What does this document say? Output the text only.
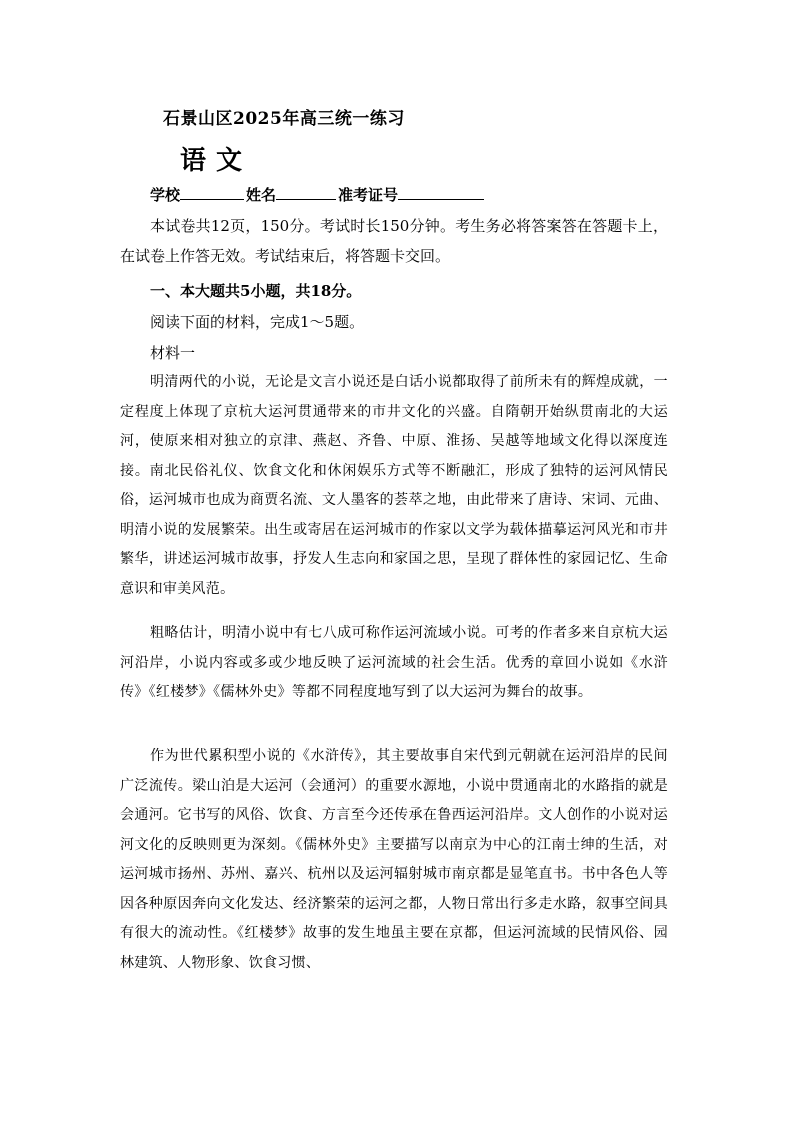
石景山区2025年高三统一练习
语文
学校	姓名	准考证号
本试卷共12页，150分。考试时长150分钟。考生务必将答案答在答题卡上，在试卷上作答无效。考试结束后，将答题卡交回。
一、本大题共5小题，共18分。
阅读下面的材料，完成1～5题。
材料一
明清两代的小说，无论是文言小说还是白话小说都取得了前所未有的辉煌成就，一定程度上体现了京杭大运河贯通带来的市井文化的兴盛。自隋朝开始纵贯南北的大运河，使原来相对独立的京津、燕赵、齐鲁、中原、淮扬、吴越等地域文化得以深度连接。南北民俗礼仪、饮食文化和休闲娱乐方式等不断融汇，形成了独特的运河风情民俗，运河城市也成为商贾名流、文人墨客的荟萃之地，由此带来了唐诗、宋词、元曲、明清小说的发展繁荣。出生或寄居在运河城市的作家以文学为载体描摹运河风光和市井繁华，讲述运河城市故事，抒发人生志向和家国之思，呈现了群体性的家园记忆、生命意识和审美风范。
粗略估计，明清小说中有七八成可称作运河流域小说。可考的作者多来自京杭大运河沿岸，小说内容或多或少地反映了运河流域的社会生活。优秀的章回小说如《水浒传》《红楼梦》《儒林外史》等都不同程度地写到了以大运河为舞台的故事。
作为世代累积型小说的《水浒传》，其主要故事自宋代到元朝就在运河沿岸的民间广泛流传。梁山泊是大运河（会通河）的重要水源地，小说中贯通南北的水路指的就是会通河。它书写的风俗、饮食、方言至今还传承在鲁西运河沿岸。文人创作的小说对运河文化的反映则更为深刻。《儒林外史》主要描写以南京为中心的江南士绅的生活，对运河城市扬州、苏州、嘉兴、杭州以及运河辐射城市南京都是显笔直书。书中各色人等因各种原因奔向文化发达、经济繁荣的运河之都，人物日常出行多走水路，叙事空间具有很大的流动性。《红楼梦》故事的发生地虽主要在京都，但运河流域的民情风俗、园林建筑、人物形象、饮食习惯、
